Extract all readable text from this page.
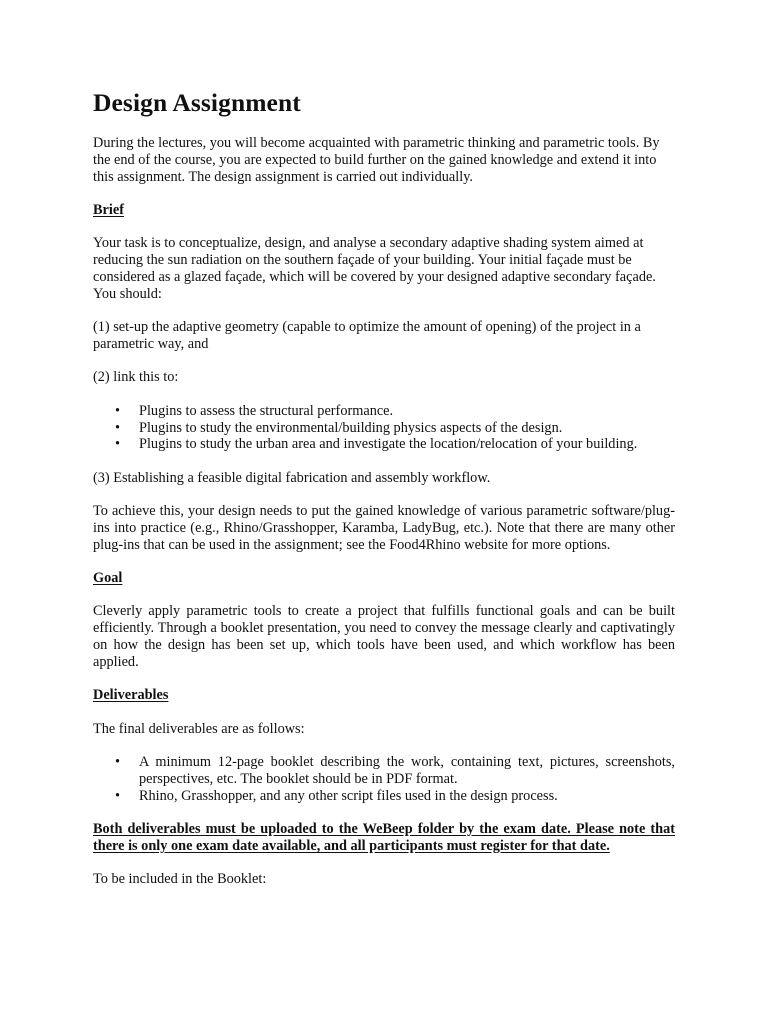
Design Assignment

During the lectures, you will become acquainted with parametric thinking and parametric tools. By the end of the course, you are expected to build further on the gained knowledge and extend it into this assignment. The design assignment is carried out individually.

Brief

Your task is to conceptualize, design, and analyse a secondary adaptive shading system aimed at reducing the sun radiation on the southern façade of your building. Your initial façade must be considered as a glazed façade, which will be covered by your designed adaptive secondary façade. You should:

(1) set-up the adaptive geometry (capable to optimize the amount of opening) of the project in a parametric way, and

(2) link this to:

• Plugins to assess the structural performance.
• Plugins to study the environmental/building physics aspects of the design.
• Plugins to study the urban area and investigate the location/relocation of your building.

(3) Establishing a feasible digital fabrication and assembly workflow.

To achieve this, your design needs to put the gained knowledge of various parametric software/plug-ins into practice (e.g., Rhino/Grasshopper, Karamba, LadyBug, etc.). Note that there are many other plug-ins that can be used in the assignment; see the Food4Rhino website for more options.

Goal

Cleverly apply parametric tools to create a project that fulfills functional goals and can be built efficiently. Through a booklet presentation, you need to convey the message clearly and captivatingly on how the design has been set up, which tools have been used, and which workflow has been applied.

Deliverables

The final deliverables are as follows:

• A minimum 12-page booklet describing the work, containing text, pictures, screenshots, perspectives, etc. The booklet should be in PDF format.
• Rhino, Grasshopper, and any other script files used in the design process.

Both deliverables must be uploaded to the WeBeep folder by the exam date. Please note that there is only one exam date available, and all participants must register for that date.

To be included in the Booklet:
